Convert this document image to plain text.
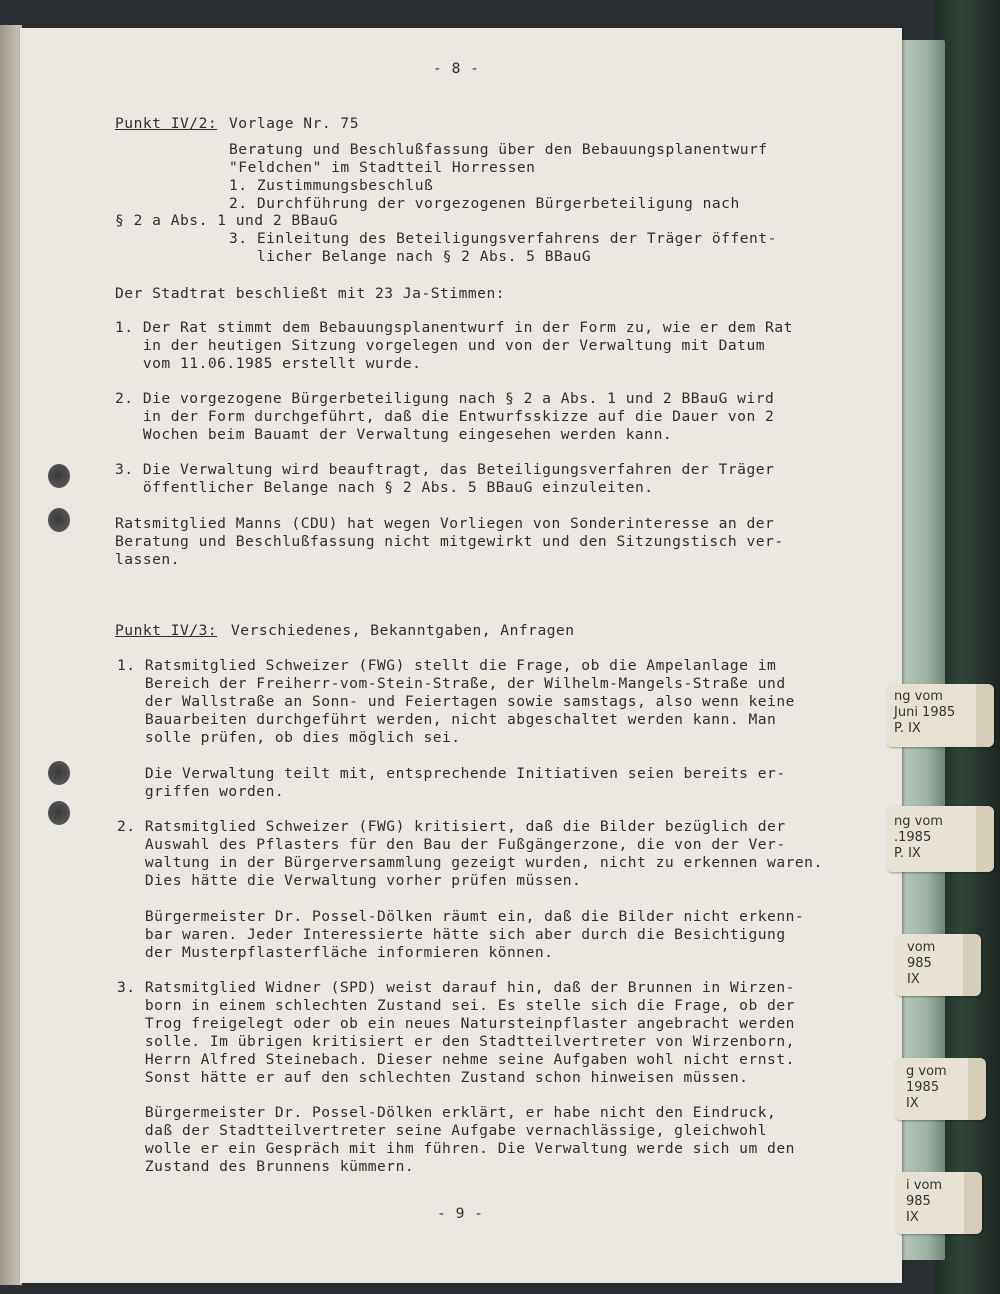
- 8 -

Punkt IV/2: Vorlage Nr. 75

Beratung und Beschlußfassung über den Bebauungsplanentwurf

"Feldchen" im Stadtteil Horressen

1. Zustimmungsbeschluß

2. Durchführung der vorgezogenen Bürgerbeteiligung nach

§ 2 a Abs. 1 und 2 BBauG

3. Einleitung des Beteiligungsverfahrens der Träger öffent-

licher Belange nach § 2 Abs. 5 BBauG

Der Stadtrat beschließt mit 23 Ja-Stimmen:

1. Der Rat stimmt dem Bebauungsplanentwurf in der Form zu, wie er dem Rat
in der heutigen Sitzung vorgelegen und von der Verwaltung mit Datum
vom 11.06.1985 erstellt wurde.

2. Die vorgezogene Bürgerbeteiligung nach § 2 a Abs. 1 und 2 BBauG wird
in der Form durchgeführt, daß die Entwurfsskizze auf die Dauer von 2
Wochen beim Bauamt der Verwaltung eingesehen werden kann.

3. Die Verwaltung wird beauftragt, das Beteiligungsverfahren der Träger
öffentlicher Belange nach § 2 Abs. 5 BBauG einzuleiten.

Ratsmitglied Manns (CDU) hat wegen Vorliegen von Sonderinteresse an der
Beratung und Beschlußfassung nicht mitgewirkt und den Sitzungstisch ver-
lassen.

Punkt IV/3: Verschiedenes, Bekanntgaben, Anfragen

1. Ratsmitglied Schweizer (FWG) stellt die Frage, ob die Ampelanlage im
Bereich der Freiherr-vom-Stein-Straße, der Wilhelm-Mangels-Straße und
der Wallstraße an Sonn- und Feiertagen sowie samstags, also wenn keine
Bauarbeiten durchgeführt werden, nicht abgeschaltet werden kann. Man
solle prüfen, ob dies möglich sei.

Die Verwaltung teilt mit, entsprechende Initiativen seien bereits er-
griffen worden.

2. Ratsmitglied Schweizer (FWG) kritisiert, daß die Bilder bezüglich der
Auswahl des Pflasters für den Bau der Fußgängerzone, die von der Ver-
waltung in der Bürgerversammlung gezeigt wurden, nicht zu erkennen waren.
Dies hätte die Verwaltung vorher prüfen müssen.

Bürgermeister Dr. Possel-Dölken räumt ein, daß die Bilder nicht erkenn-
bar waren. Jeder Interessierte hätte sich aber durch die Besichtigung
der Musterpflasterfläche informieren können.

3. Ratsmitglied Widner (SPD) weist darauf hin, daß der Brunnen in Wirzen-
born in einem schlechten Zustand sei. Es stelle sich die Frage, ob der
Trog freigelegt oder ob ein neues Natursteinpflaster angebracht werden
solle. Im übrigen kritisiert er den Stadtteilvertreter von Wirzenborn,
Herrn Alfred Steinebach. Dieser nehme seine Aufgaben wohl nicht ernst.
Sonst hätte er auf den schlechten Zustand schon hinweisen müssen.

Bürgermeister Dr. Possel-Dölken erklärt, er habe nicht den Eindruck,
daß der Stadtteilvertreter seine Aufgabe vernachlässige, gleichwohl
wolle er ein Gespräch mit ihm führen. Die Verwaltung werde sich um den
Zustand des Brunnens kümmern.

- 9 -

ng vom
Juni 1985
P. IX
ng vom
.1985
P. IX
vom
985
IX
g vom
1985
IX
i vom
985
IX
